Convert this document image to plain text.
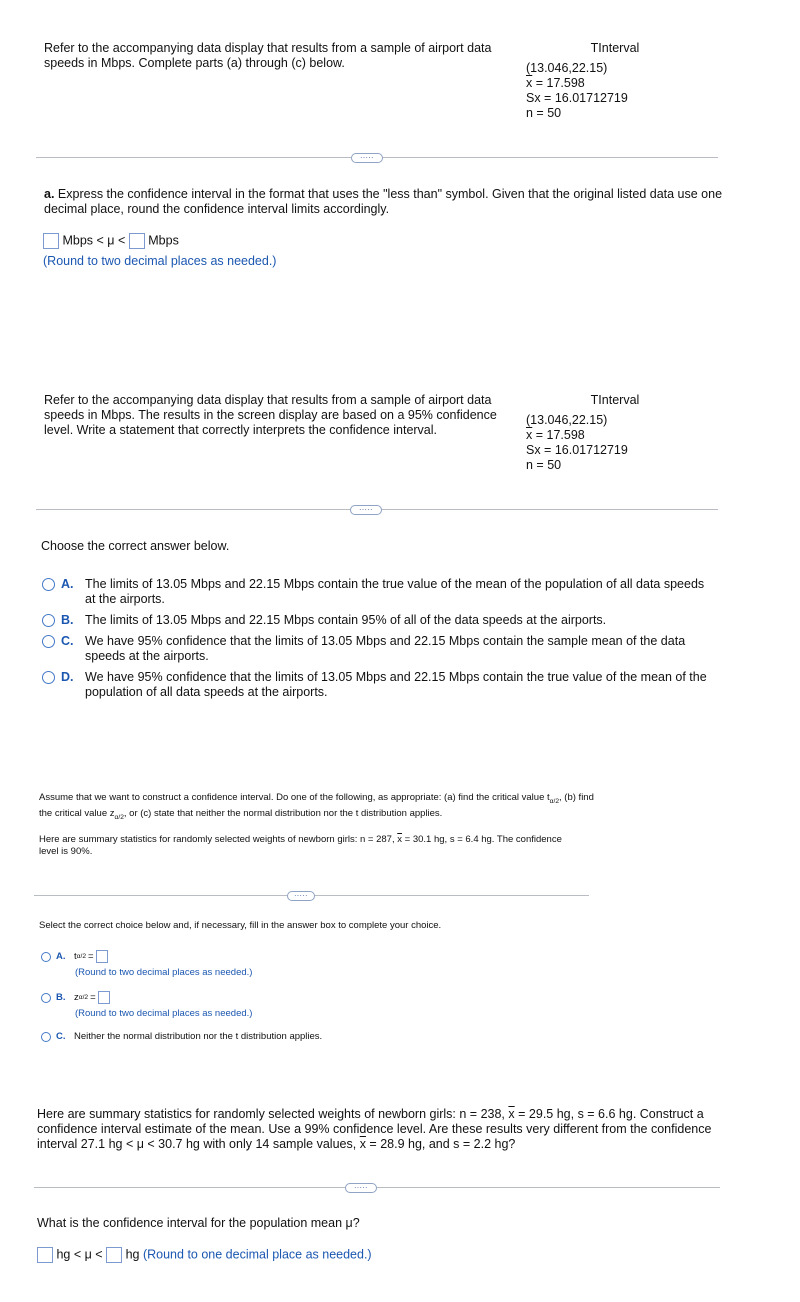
Refer to the accompanying data display that results from a sample of airport data speeds in Mbps. Complete parts (a) through (c) below.
TInterval
(13.046,22.15)
$\overline{x} = 17.598$
Sx = 16.01712719
n = 50
·····
a. Express the confidence interval in the format that uses the "less than" symbol. Given that the original listed data use one decimal place, round the confidence interval limits accordingly.
Mbps < μ < Mbps
(Round to two decimal places as needed.)
Refer to the accompanying data display that results from a sample of airport data speeds in Mbps. The results in the screen display are based on a 95% confidence level. Write a statement that correctly interprets the confidence interval.
TInterval
(13.046,22.15)
$\overline{x} = 17.598$
Sx = 16.01712719
n = 50
·····
Choose the correct answer below.
A. The limits of 13.05 Mbps and 22.15 Mbps contain the true value of the mean of the population of all data speeds at the airports.
B. The limits of 13.05 Mbps and 22.15 Mbps contain 95% of all of the data speeds at the airports.
C. We have 95% confidence that the limits of 13.05 Mbps and 22.15 Mbps contain the sample mean of the data speeds at the airports.
D. We have 95% confidence that the limits of 13.05 Mbps and 22.15 Mbps contain the true value of the mean of the population of all data speeds at the airports.
Assume that we want to construct a confidence interval. Do one of the following, as appropriate: (a) find the critical value $t_{\alpha/2}$, (b) find the critical value $z_{\alpha/2}$, or (c) state that neither the normal distribution nor the t distribution applies.
Here are summary statistics for randomly selected weights of newborn girls: n = 287, $\overline{x} = 30.1$ hg, s = 6.4 hg. The confidence level is 90%.
·····
Select the correct choice below and, if necessary, fill in the answer box to complete your choice.
A. t α/2 =
(Round to two decimal places as needed.)
B. z α/2 =
(Round to two decimal places as needed.)
C. Neither the normal distribution nor the t distribution applies.
Here are summary statistics for randomly selected weights of newborn girls: n = 238, $\overline{x} = 29.5$ hg, s = 6.6 hg. Construct a confidence interval estimate of the mean. Use a 99% confidence level. Are these results very different from the confidence interval 27.1 hg < μ < 30.7 hg with only 14 sample values, $\overline{x} = 28.9$ hg, and s = 2.2 hg?
·····
What is the confidence interval for the population mean μ?
hg < μ < hg (Round to one decimal place as needed.)
